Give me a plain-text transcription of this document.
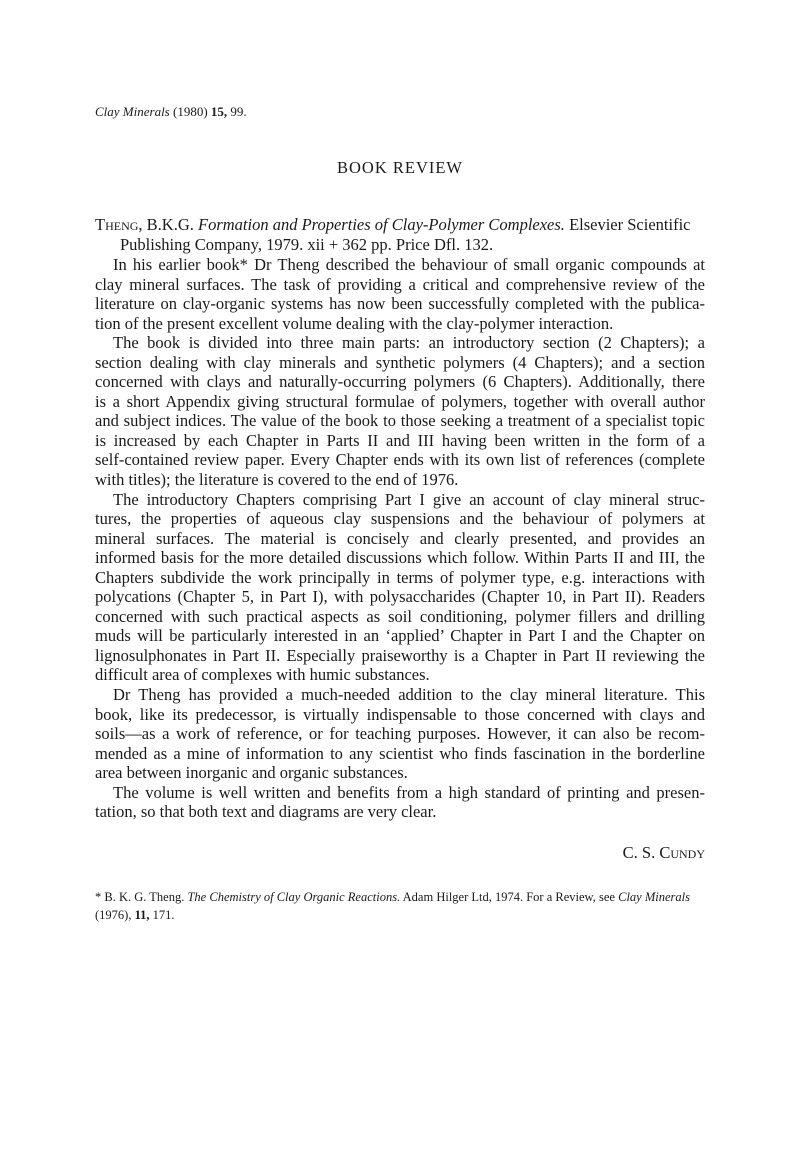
Clay Minerals (1980) 15, 99.
BOOK REVIEW
Theng, B.K.G. Formation and Properties of Clay-Polymer Complexes. Elsevier Scientific
Publishing Company, 1979. xii + 362 pp. Price Dfl. 132.
In his earlier book* Dr Theng described the behaviour of small organic compounds at
clay mineral surfaces. The task of providing a critical and comprehensive review of the
literature on clay-organic systems has now been successfully completed with the publica-
tion of the present excellent volume dealing with the clay-polymer interaction.
The book is divided into three main parts: an introductory section (2 Chapters); a
section dealing with clay minerals and synthetic polymers (4 Chapters); and a section
concerned with clays and naturally-occurring polymers (6 Chapters). Additionally, there
is a short Appendix giving structural formulae of polymers, together with overall author
and subject indices. The value of the book to those seeking a treatment of a specialist topic
is increased by each Chapter in Parts II and III having been written in the form of a
self-contained review paper. Every Chapter ends with its own list of references (complete
with titles); the literature is covered to the end of 1976.
The introductory Chapters comprising Part I give an account of clay mineral struc-
tures, the properties of aqueous clay suspensions and the behaviour of polymers at
mineral surfaces. The material is concisely and clearly presented, and provides an
informed basis for the more detailed discussions which follow. Within Parts II and III, the
Chapters subdivide the work principally in terms of polymer type, e.g. interactions with
polycations (Chapter 5, in Part I), with polysaccharides (Chapter 10, in Part II). Readers
concerned with such practical aspects as soil conditioning, polymer fillers and drilling
muds will be particularly interested in an ‘applied’ Chapter in Part I and the Chapter on
lignosulphonates in Part II. Especially praiseworthy is a Chapter in Part II reviewing the
difficult area of complexes with humic substances.
Dr Theng has provided a much-needed addition to the clay mineral literature. This
book, like its predecessor, is virtually indispensable to those concerned with clays and
soils—as a work of reference, or for teaching purposes. However, it can also be recom-
mended as a mine of information to any scientist who finds fascination in the borderline
area between inorganic and organic substances.
The volume is well written and benefits from a high standard of printing and presen-
tation, so that both text and diagrams are very clear.
C. S. Cundy
* B. K. G. Theng. The Chemistry of Clay Organic Reactions. Adam Hilger Ltd, 1974. For a Review, see Clay Minerals (1976), 11, 171.
